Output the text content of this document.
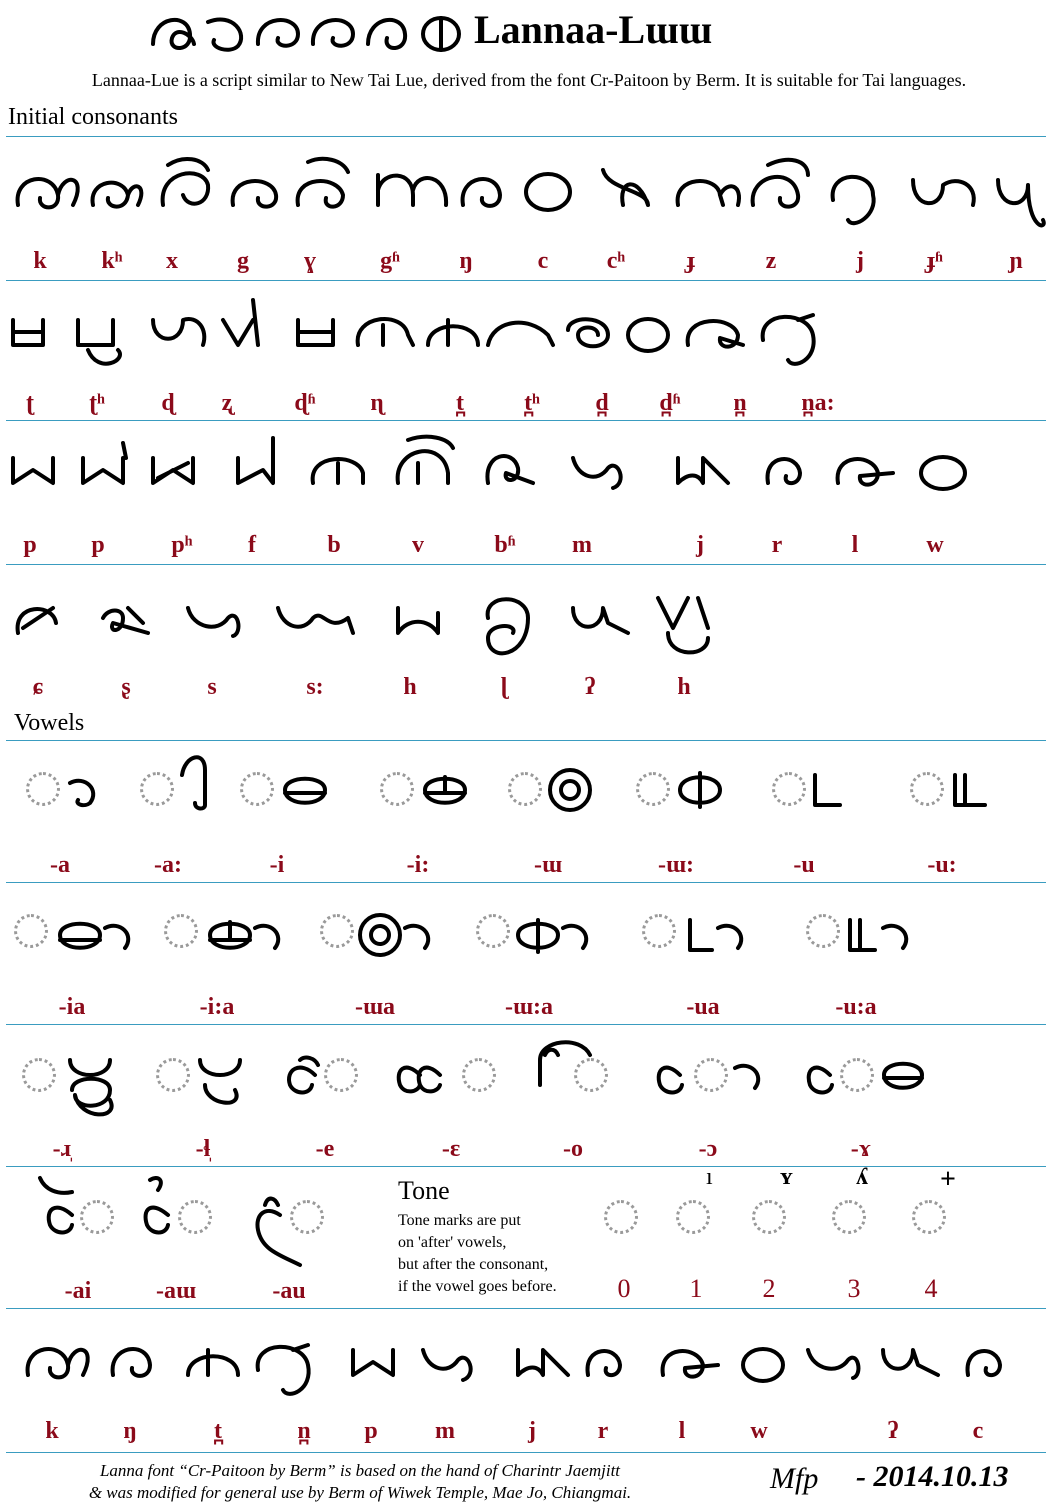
Lannaa-Lɯɯ
Lannaa-Lue is a script similar to New Tai Lue, derived from the font Cr-Paitoon by Berm. It is suitable for Tai languages.
Initial consonants
k	kʰ	x	g	ɣ	gʱ	ŋ	c	cʰ	ɟ	z	j	ɟʱ	ɲ
ʈ	ʈʰ	ɖ	ʐ	ɖʱ	ɳ	t̪	t̪ʰ	d̪	d̪ʱ	n̪	n̪a:
p	p	pʰ	f	b	v	bʱ	m	j	r	l	w
ɕ	ʂ	s	s:	h	ɭ	ʔ	h
Vowels
-a	-a:	-i	-i:	-ɯ	-ɯ:	-u	-u:
-ia	-i:a	-ɯa	-ɯ:a	-ua	-u:a
-ɹ̩	-ɬ̩	-e	-ɛ	-o	-ɔ	-ɤ
-ai	-aɯ	-au
Tone
Tone marks are put
on 'after' vowels,
but after the consonant,
if the vowel goes before.
ı	ʏ	ʎ	+
0	1	2	3	4
k	ŋ	t̪	n̪	p	m	j	r	l	w	ʔ	c
Lanna font “Cr-Paitoon by Berm” is based on the hand of Charintr Jaemjitt
& was modified for general use by Berm of Wiwek Temple, Mae Jo, Chiangmai.	Mfp - 2014.10.13
